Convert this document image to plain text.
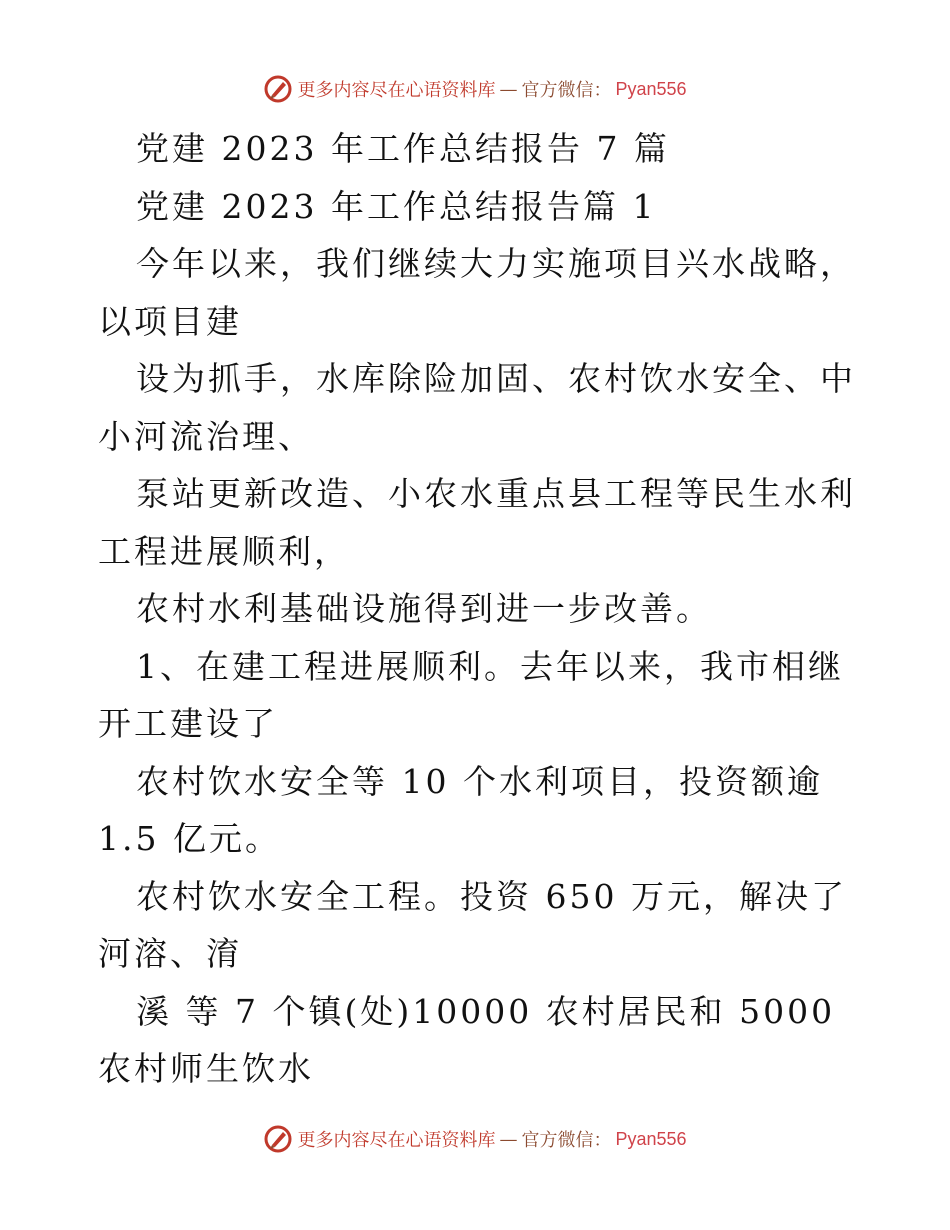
更多内容尽在心语资料库 — 官方微信： Pyan556

党建 2023 年工作总结报告 7 篇

党建 2023 年工作总结报告篇 1

今年以来，我们继续大力实施项目兴水战略，以项目建

设为抓手，水库除险加固、农村饮水安全、中小河流治理、

泵站更新改造、小农水重点县工程等民生水利工程进展顺利，

农村水利基础设施得到进一步改善。

1、在建工程进展顺利。去年以来，我市相继开工建设了

农村饮水安全等 10 个水利项目，投资额逾 1.5 亿元。

农村饮水安全工程。投资 650 万元，解决了河溶、淯

溪 等 7 个镇(处)10000 农村居民和 5000 农村师生饮水

更多内容尽在心语资料库 — 官方微信： Pyan556
